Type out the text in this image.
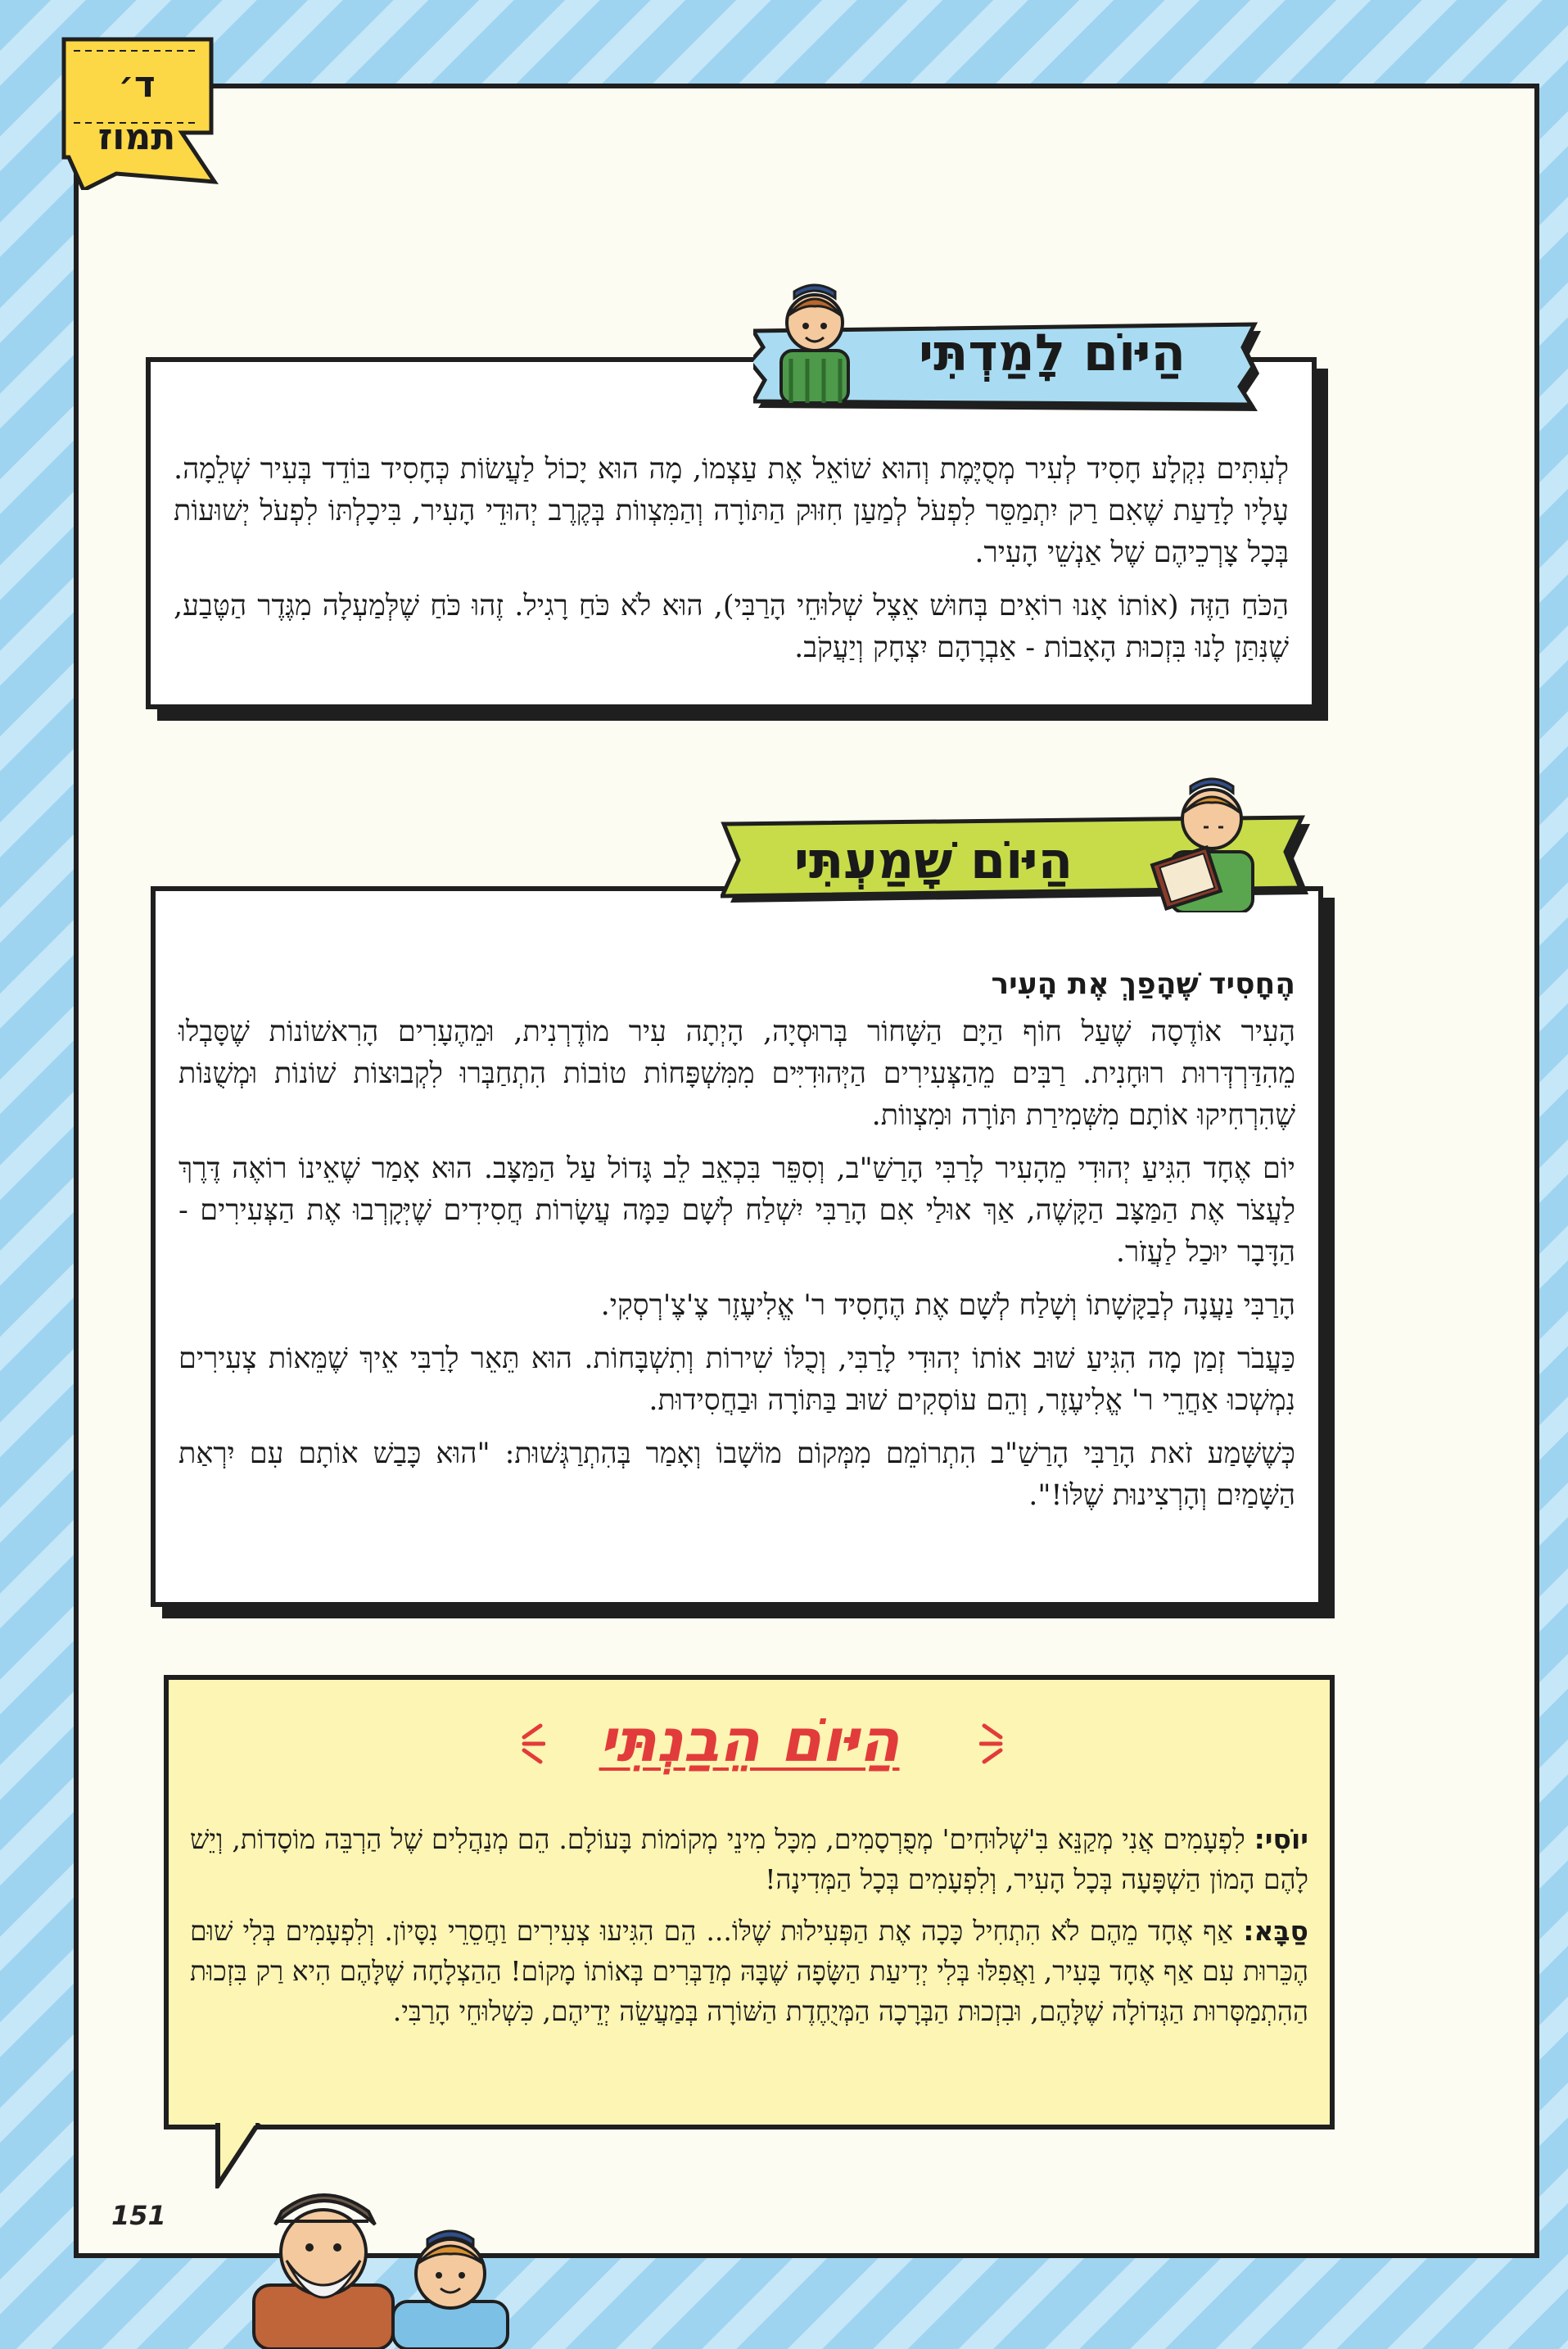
ד׳
תמוז

לְעִתִּים נִקְלָע חָסִיד לְעִיר מְסֻיֶּמֶת וְהוּא שׁוֹאֵל אֶת עַצְמוֹ, מָה הוּא יָכוֹל לַעֲשׂוֹת כְּחָסִיד בּוֹדֵד בְּעִיר שְׁלֵמָה. עָלָיו לָדַעַת שֶׁאִם רַק יִתְמַסֵּר לִפְעֹל לְמַעַן חִזּוּק הַתּוֹרָה וְהַמִּצְווֹת בְּקֶרֶב יְהוּדֵי הָעִיר, בִּיכָלְתּוֹ לִפְעֹל יְשׁוּעוֹת בְּכָל צָרְכֵיהֶם שֶׁל אַנְשֵׁי הָעִיר.

הַכֹּחַ הַזֶּה (אוֹתוֹ אָנוּ רוֹאִים בְּחוּשׁ אֵצֶל שְׁלוּחֵי הָרַבִּי), הוּא לֹא כֹּחַ רָגִיל. זֶהוּ כֹּחַ שֶׁלְּמַעְלָה מִגֶּדֶר הַטֶּבַע, שֶׁנִּתַּן לָנוּ בִּזְכוּת הָאָבוֹת - אַבְרָהָם יִצְחָק וְיַעֲקֹב.

הַיּוֹם לָמַדְתִּי
הֶחָסִיד שֶׁהָפַךְ אֶת הָעִיר

הָעִיר אוֹדֶסָה שֶׁעַל חוֹף הַיָּם הַשָּׁחוֹר בְּרוּסְיָה, הָיְתָה עִיר מוֹדֶרְנִית, וּמֵהֶעָרִים הָרִאשׁוֹנוֹת שֶׁסָּבְלוּ מֵהִדַּרְדְּרוּת רוּחָנִית. רַבִּים מֵהַצְּעִירִים הַיְּהוּדִיִּים מִמִּשְׁפָּחוֹת טוֹבוֹת הִתְחַבְּרוּ לִקְבוּצוֹת שׁוֹנוֹת וּמְשֻׁנּוֹת שֶׁהִרְחִיקוּ אוֹתָם מִשְּׁמִירַת תּוֹרָה וּמִצְווֹת.

יוֹם אֶחָד הִגִּיעַ יְהוּדִי מֵהָעִיר לָרַבִּי הָרַשַׁ"ב, וְסִפֵּר בִּכְאֵב לֵב גָּדוֹל עַל הַמַּצָּב. הוּא אָמַר שֶׁאֵינוֹ רוֹאֶה דֶּרֶךְ לַעֲצֹר אֶת הַמַּצָּב הַקָּשֶׁה, אַךְ אוּלַי אִם הָרַבִּי יִשְׁלַח לְשָׁם כַּמָּה עֲשָׂרוֹת חֲסִידִים שֶׁיְּקָרְבוּ אֶת הַצְּעִירִים - הַדָּבָר יוּכַל לַעֲזֹר.

הָרַבִּי נַעֲנָה לְבַקָּשָׁתוֹ וְשָׁלַח לְשָׁם אֶת הֶחָסִיד ר' אֱלִיעֶזֶר צֶ'צֶ'רְסְקִי.

כַּעֲבֹר זְמַן מָה הִגִּיעַ שׁוּב אוֹתוֹ יְהוּדִי לָרַבִּי, וְכֻלּוֹ שִׁירוֹת וְתִשְׁבָּחוֹת. הוּא תֵּאֵר לָרַבִּי אֵיךְ שֶׁמֵּאוֹת צְעִירִים נִמְשְׁכוּ אַחֲרֵי ר' אֱלִיעֶזֶר, וְהֵם עוֹסְקִים שׁוּב בַּתּוֹרָה וּבַחֲסִידוּת.

כְּשֶׁשָּׁמַע זֹאת הָרַבִּי הָרַשַׁ"ב הִתְרוֹמֵם מִמְּקוֹם מוֹשָׁבוֹ וְאָמַר בְּהִתְרַגְּשׁוּת: "הוּא כָּבַשׁ אוֹתָם עִם יִרְאַת הַשָּׁמַיִם וְהָרְצִינוּת שֶׁלּוֹ!".

הַיּוֹם שָׁמַעְתִּי
הַיּוֹם הֵבַנְתִּי

יוֹסִי: לִפְעָמִים אֲנִי מְקַנֵּא בִּ'שְׁלוּחִים' מְפֻרְסָמִים, מִכָּל מִינֵי מְקוֹמוֹת בָּעוֹלָם. הֵם מְנַהֲלִים שֶׁל הַרְבֵּה מוֹסָדוֹת, וְיֵשׁ לָהֶם הָמוֹן הַשְׁפָּעָה בְּכָל הָעִיר, וְלִפְעָמִים בְּכָל הַמְּדִינָה!

סַבָּא: אַף אֶחָד מֵהֶם לֹא הִתְחִיל כָּכָה אֶת הַפְּעִילוּת שֶׁלּוֹ... הֵם הִגִּיעוּ צְעִירִים וַחֲסֵרֵי נִסָּיוֹן. וְלִפְעָמִים בְּלִי שׁוּם הֶכֵּרוּת עִם אַף אֶחָד בָּעִיר, וַאֲפִלּוּ בְּלִי יְדִיעַת הַשָּׂפָה שֶׁבָּהּ מְדַבְּרִים בְּאוֹתוֹ מָקוֹם! הַהַצְלָחָה שֶׁלָּהֶם הִיא רַק בִּזְכוּת הַהִתְמַסְּרוּת הַגְּדוֹלָה שֶׁלָּהֶם, וּבִזְכוּת הַבְּרָכָה הַמְּיֻחֶדֶת הַשּׁוֹרָה בְּמַעֲשֵׂה יְדֵיהֶם, כִּשְׁלוּחֵי הָרַבִּי.

151
